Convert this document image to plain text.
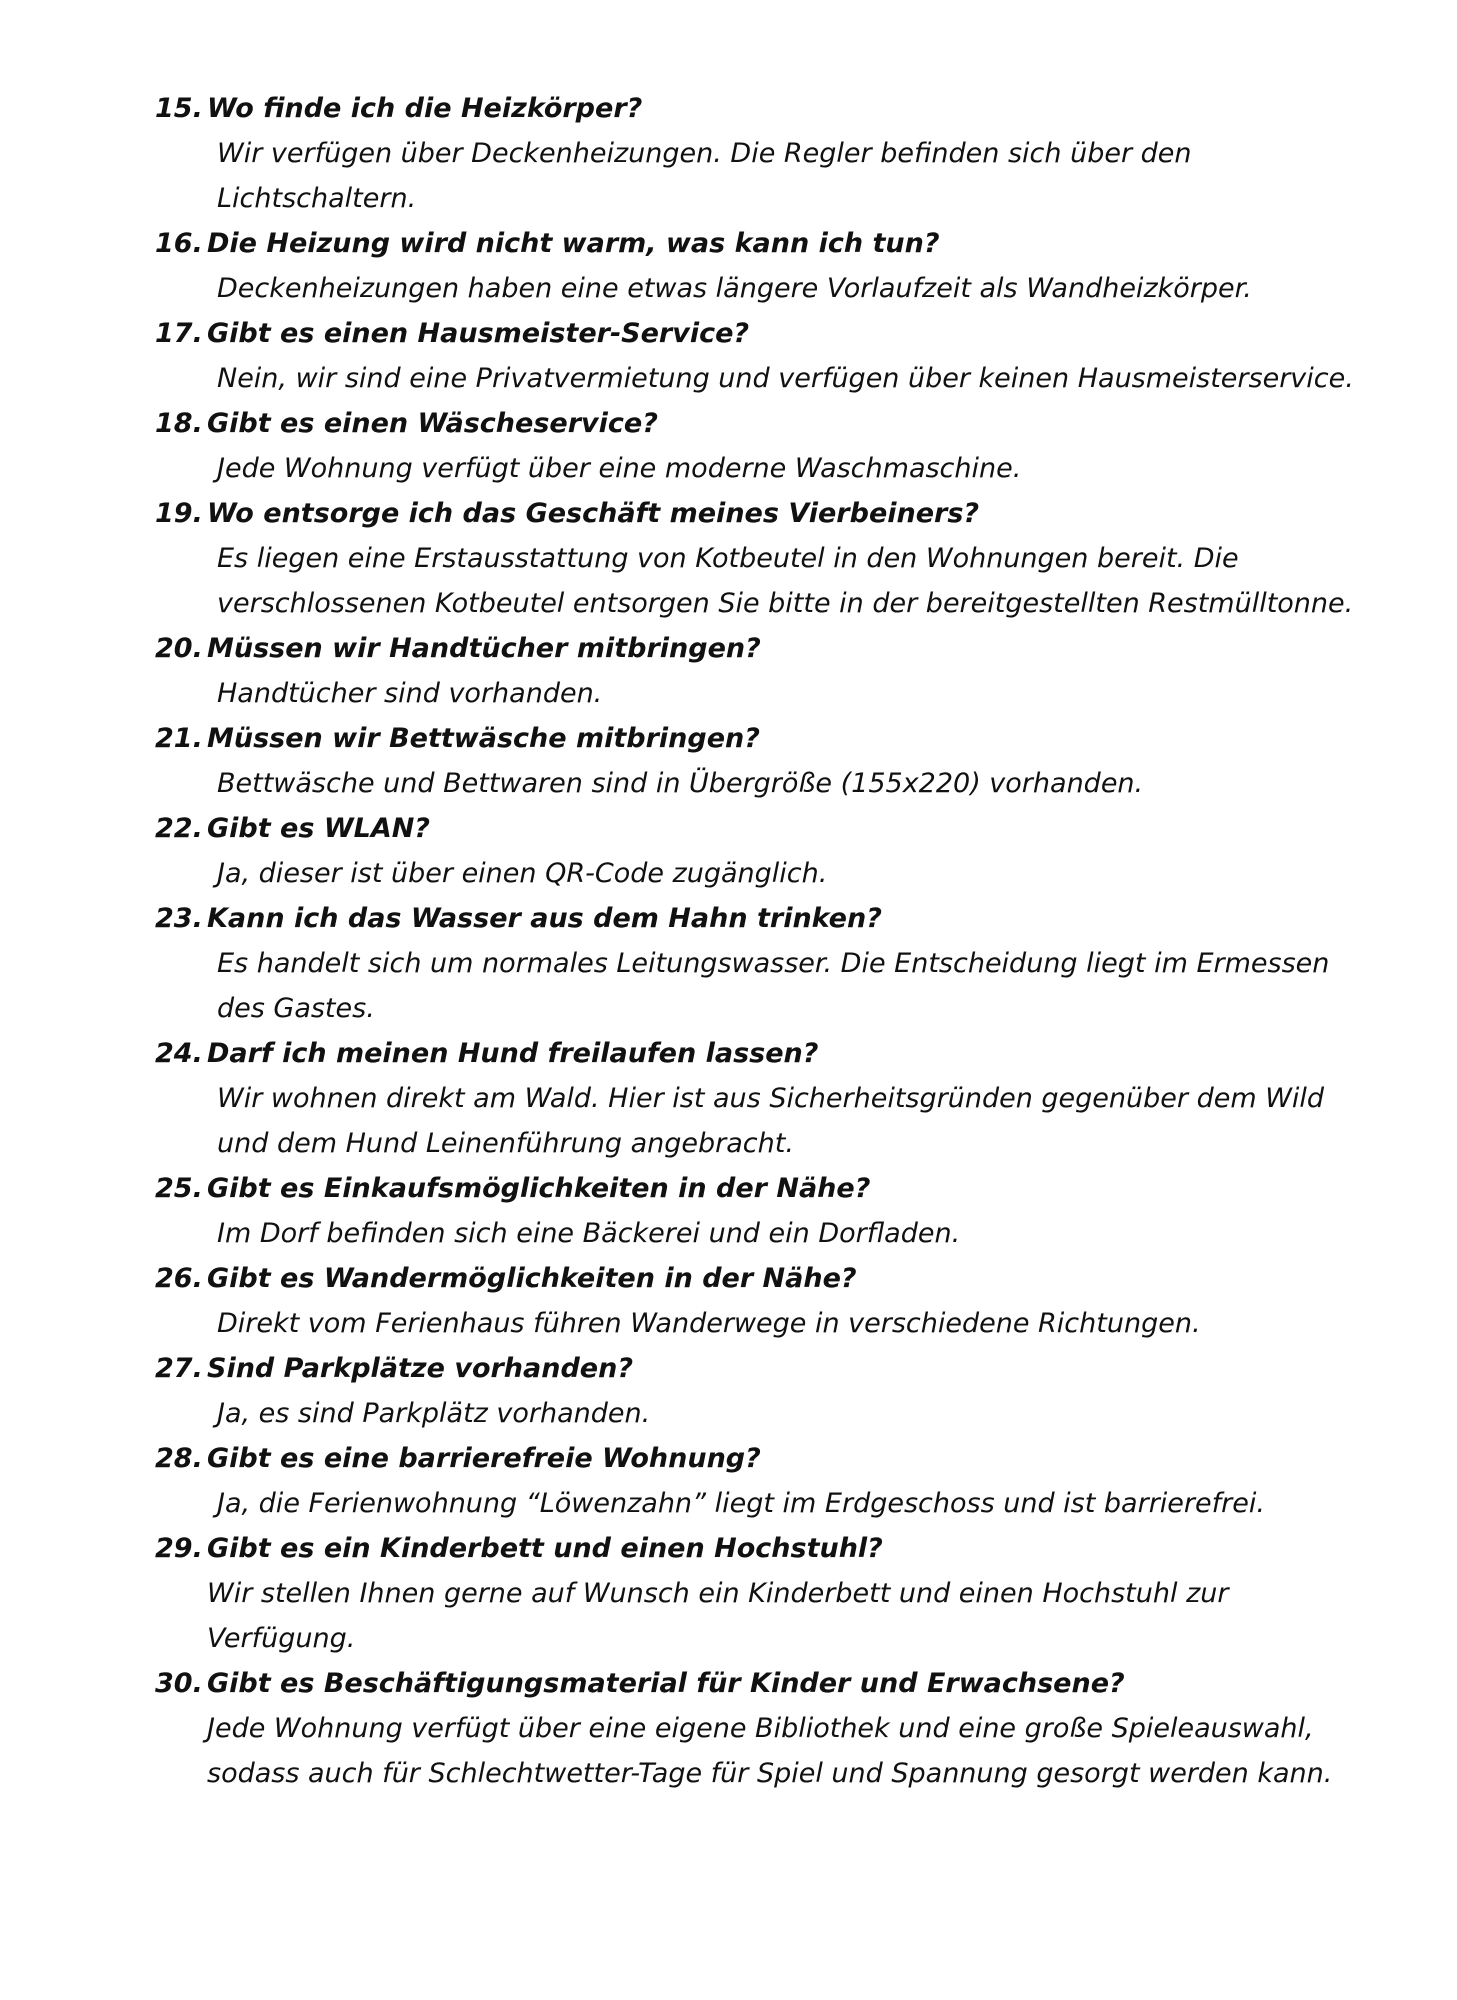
15. Wo finde ich die Heizkörper?
Wir verfügen über Deckenheizungen. Die Regler befinden sich über den Lichtschaltern.
16. Die Heizung wird nicht warm, was kann ich tun?
Deckenheizungen haben eine etwas längere Vorlaufzeit als Wandheizkörper.
17. Gibt es einen Hausmeister-Service?
Nein, wir sind eine Privatvermietung und verfügen über keinen Hausmeisterservice.
18. Gibt es einen Wäscheservice?
Jede Wohnung verfügt über eine moderne Waschmaschine.
19. Wo entsorge ich das Geschäft meines Vierbeiners?
Es liegen eine Erstausstattung von Kotbeutel in den Wohnungen bereit. Die verschlossenen Kotbeutel entsorgen Sie bitte in der bereitgestellten Restmülltonne.
20. Müssen wir Handtücher mitbringen?
Handtücher sind vorhanden.
21. Müssen wir Bettwäsche mitbringen?
Bettwäsche und Bettwaren sind in Übergröße (155x220) vorhanden.
22. Gibt es WLAN?
Ja, dieser ist über einen QR-Code zugänglich.
23. Kann ich das Wasser aus dem Hahn trinken?
Es handelt sich um normales Leitungswasser. Die Entscheidung liegt im Ermessen des Gastes.
24. Darf ich meinen Hund freilaufen lassen?
Wir wohnen direkt am Wald. Hier ist aus Sicherheitsgründen gegenüber dem Wild und dem Hund Leinenführung angebracht.
25. Gibt es Einkaufsmöglichkeiten in der Nähe?
Im Dorf befinden sich eine Bäckerei und ein Dorfladen.
26. Gibt es Wandermöglichkeiten in der Nähe?
Direkt vom Ferienhaus führen Wanderwege in verschiedene Richtungen.
27. Sind Parkplätze vorhanden?
Ja, es sind Parkplätz vorhanden.
28. Gibt es eine barrierefreie Wohnung?
Ja, die Ferienwohnung “Löwenzahn” liegt im Erdgeschoss und ist barrierefrei.
29. Gibt es ein Kinderbett und einen Hochstuhl?
Wir stellen Ihnen gerne auf Wunsch ein Kinderbett und einen Hochstuhl zur Verfügung.
30. Gibt es Beschäftigungsmaterial für Kinder und Erwachsene?
Jede Wohnung verfügt über eine eigene Bibliothek und eine große Spieleauswahl, sodass auch für Schlechtwetter-Tage für Spiel und Spannung gesorgt werden kann.
